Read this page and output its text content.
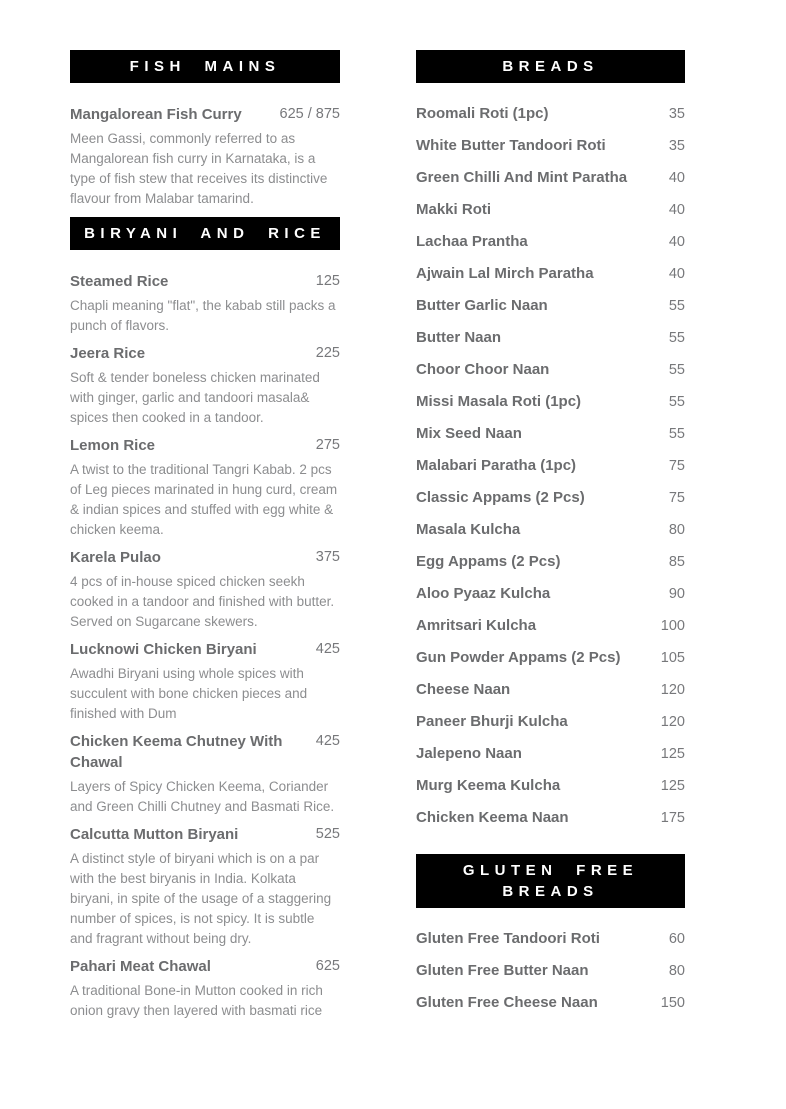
FISH MAINS
Mangalorean Fish Curry	625 / 875
Meen Gassi, commonly referred to as Mangalorean fish curry in Karnataka, is a type of fish stew that receives its distinctive flavour from Malabar tamarind.
BIRYANI AND RICE
Steamed Rice	125
Chapli meaning "flat", the kabab still packs a punch of flavors.
Jeera Rice	225
Soft & tender boneless chicken marinated with ginger, garlic and tandoori masala& spices then cooked in a tandoor.
Lemon Rice	275
A twist to the traditional Tangri Kabab. 2 pcs of Leg pieces marinated in hung curd, cream & indian spices and stuffed with egg white & chicken keema.
Karela Pulao	375
4 pcs of in-house spiced chicken seekh cooked in a tandoor and finished with butter. Served on Sugarcane skewers.
Lucknowi Chicken Biryani	425
Awadhi Biryani using whole spices with succulent with bone chicken pieces and finished with Dum
Chicken Keema Chutney With Chawal
425
Layers of Spicy Chicken Keema, Coriander and Green Chilli Chutney and Basmati Rice.
Calcutta Mutton Biryani	525
A distinct style of biryani which is on a par with the best biryanis in India. Kolkata biryani, in spite of the usage of a staggering number of spices, is not spicy. It is subtle and fragrant without being dry.
Pahari Meat Chawal	625
A traditional Bone-in Mutton cooked in rich onion gravy then layered with basmati rice
BREADS
Roomali Roti (1pc)	35
White Butter Tandoori Roti	35
Green Chilli And Mint Paratha	40
Makki Roti	40
Lachaa Prantha	40
Ajwain Lal Mirch Paratha	40
Butter Garlic Naan	55
Butter Naan	55
Choor Choor Naan	55
Missi Masala Roti (1pc)	55
Mix Seed Naan	55
Malabari Paratha (1pc)	75
Classic Appams (2 Pcs)	75
Masala Kulcha	80
Egg Appams (2 Pcs)	85
Aloo Pyaaz Kulcha	90
Amritsari Kulcha	100
Gun Powder Appams (2 Pcs)	105
Cheese Naan	120
Paneer Bhurji Kulcha	120
Jalepeno Naan	125
Murg Keema Kulcha	125
Chicken Keema Naan	175
GLUTEN FREE BREADS
Gluten Free Tandoori Roti	60
Gluten Free Butter Naan	80
Gluten Free Cheese Naan	150
